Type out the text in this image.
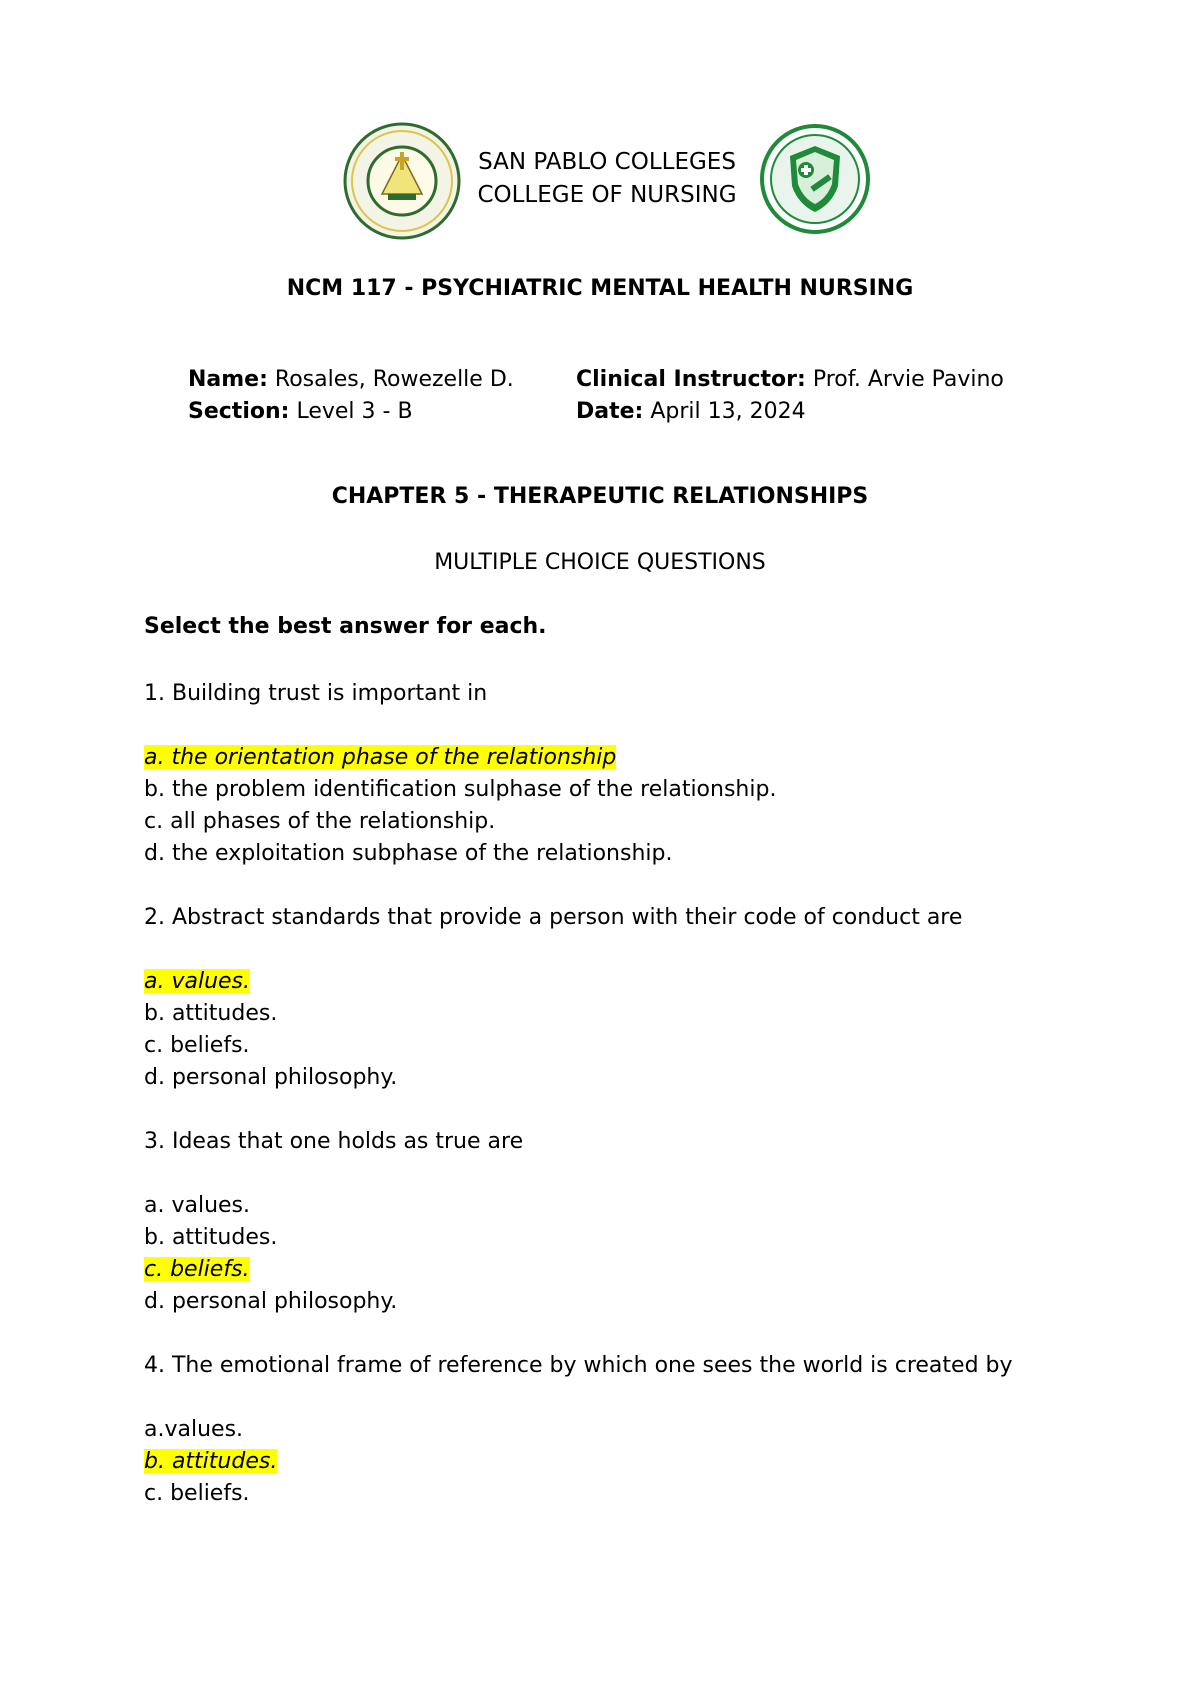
SAN PABLO COLLEGES
COLLEGE OF NURSING
NCM 117 - PSYCHIATRIC MENTAL HEALTH NURSING
Name: Rosales, Rowezelle D.
Section: Level 3 - B
Clinical Instructor: Prof. Arvie Pavino
Date: April 13, 2024
CHAPTER 5 - THERAPEUTIC RELATIONSHIPS
MULTIPLE CHOICE QUESTIONS
Select the best answer for each.
1. Building trust is important in
a. the orientation phase of the relationship
b. the problem identification sulphase of the relationship.
c. all phases of the relationship.
d. the exploitation subphase of the relationship.
2. Abstract standards that provide a person with their code of conduct are
a. values.
b. attitudes.
c. beliefs.
d. personal philosophy.
3. Ideas that one holds as true are
a. values.
b. attitudes.
c. beliefs.
d. personal philosophy.
4. The emotional frame of reference by which one sees the world is created by
a.values.
b. attitudes.
c. beliefs.
